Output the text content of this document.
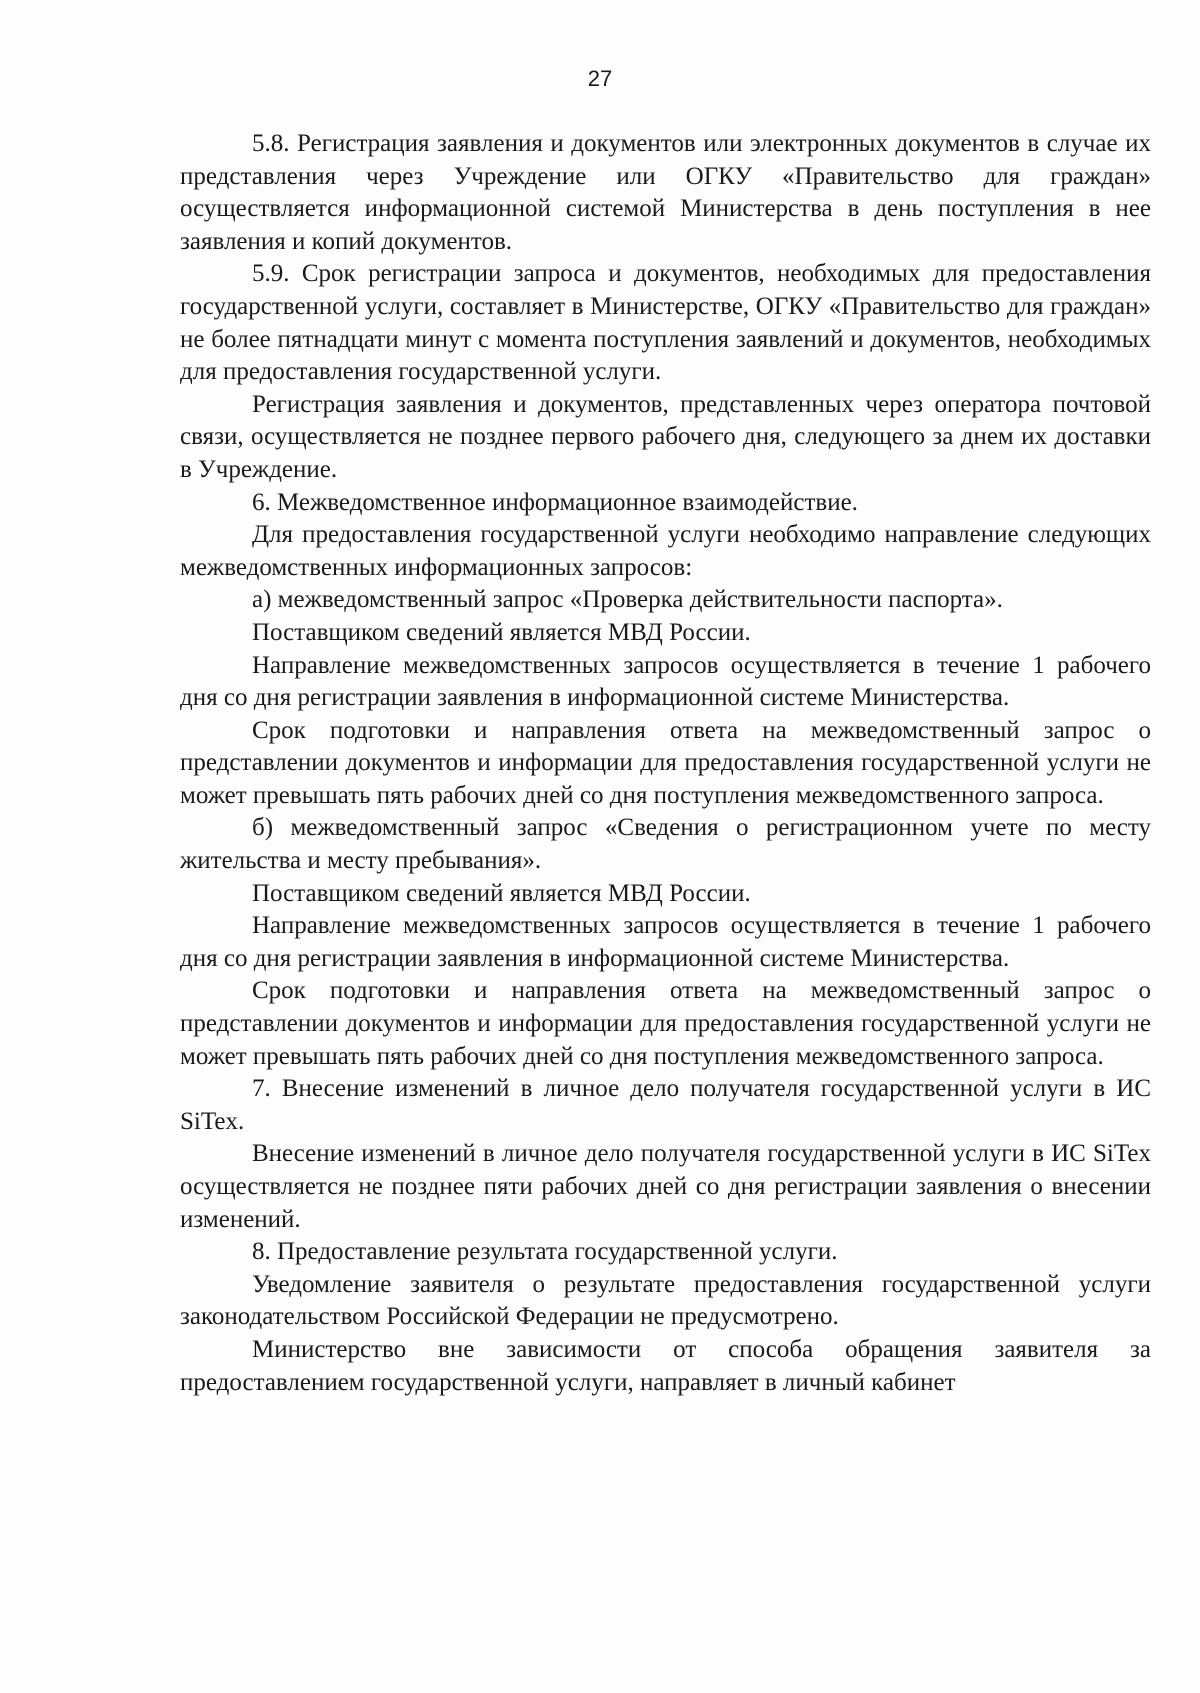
27

5.8. Регистрация заявления и документов или электронных документов в случае их представления через Учреждение или ОГКУ «Правительство для граждан» осуществляется информационной системой Министерства в день поступления в нее заявления и копий документов.

5.9. Срок регистрации запроса и документов, необходимых для предоставления государственной услуги, составляет в Министерстве, ОГКУ «Правительство для граждан» не более пятнадцати минут с момента поступления заявлений и документов, необходимых для предоставления государственной услуги.

Регистрация заявления и документов, представленных через оператора почтовой связи, осуществляется не позднее первого рабочего дня, следующего за днем их доставки в Учреждение.

6. Межведомственное информационное взаимодействие.

Для предоставления государственной услуги необходимо направление следующих межведомственных информационных запросов:

а) межведомственный запрос «Проверка действительности паспорта».

Поставщиком сведений является МВД России.

Направление межведомственных запросов осуществляется в течение 1 рабочего дня со дня регистрации заявления в информационной системе Министерства.

Срок подготовки и направления ответа на межведомственный запрос о представлении документов и информации для предоставления государственной услуги не может превышать пять рабочих дней со дня поступления межведомственного запроса.

б) межведомственный запрос «Сведения о регистрационном учете по месту жительства и месту пребывания».

Поставщиком сведений является МВД России.

Направление межведомственных запросов осуществляется в течение 1 рабочего дня со дня регистрации заявления в информационной системе Министерства.

Срок подготовки и направления ответа на межведомственный запрос о представлении документов и информации для предоставления государственной услуги не может превышать пять рабочих дней со дня поступления межведомственного запроса.

7. Внесение изменений в личное дело получателя государственной услуги в ИС SiTex.

Внесение изменений в личное дело получателя государственной услуги в ИС SiTex осуществляется не позднее пяти рабочих дней со дня регистрации заявления о внесении изменений.

8. Предоставление результата государственной услуги.

Уведомление заявителя о результате предоставления государственной услуги законодательством Российской Федерации не предусмотрено.

Министерство вне зависимости от способа обращения заявителя за предоставлением государственной услуги, направляет в личный кабинет
